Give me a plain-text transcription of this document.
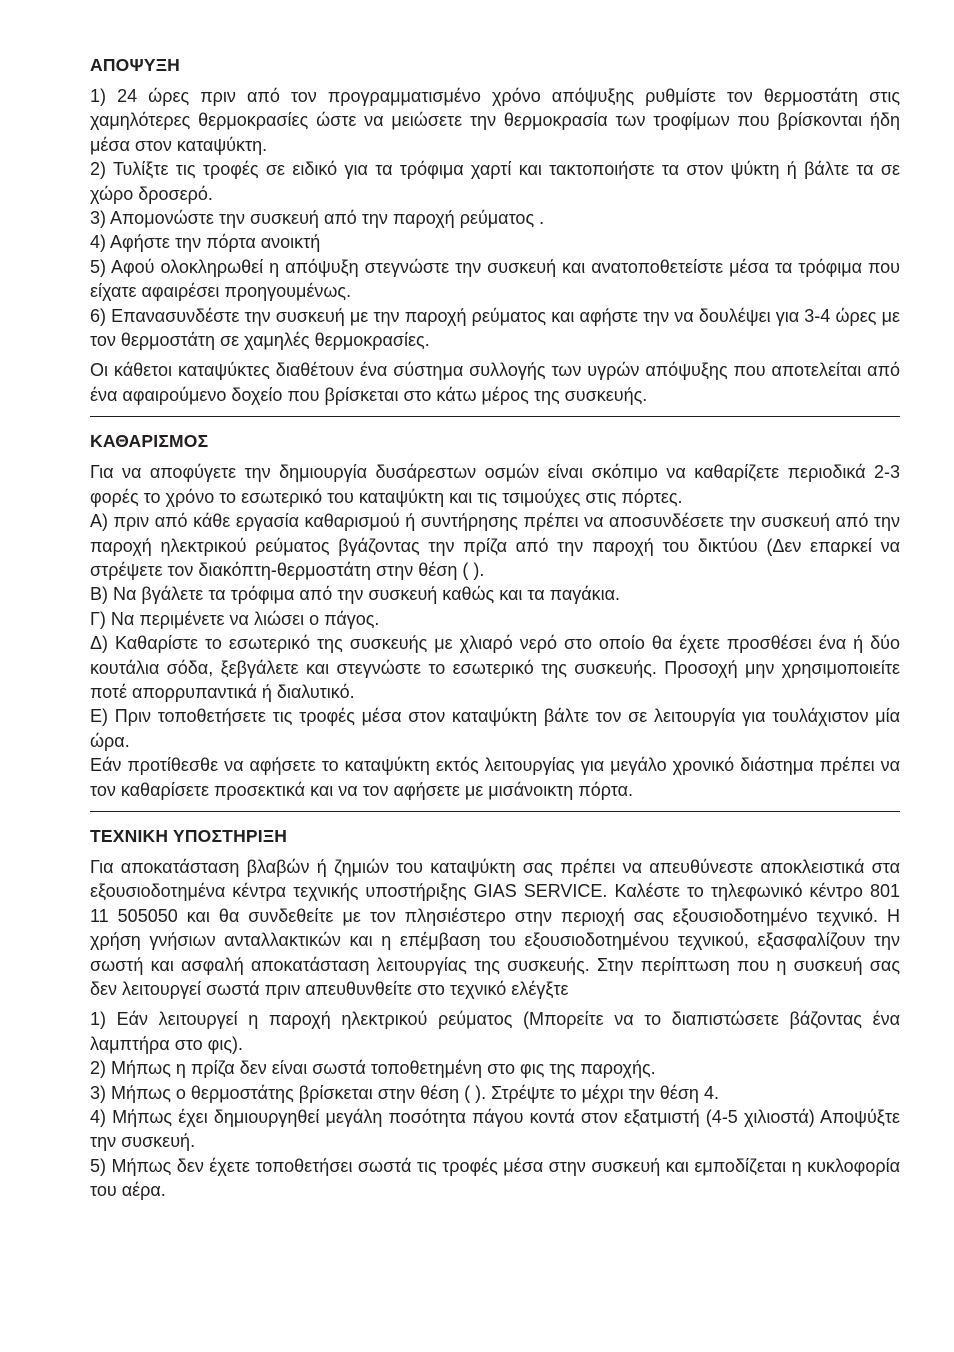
ΑΠΟΨΥΞΗ

1) 24 ώρες πριν από τον προγραμματισμένο χρόνο απόψυξης ρυθμίστε τον θερμοστάτη στις χαμηλότερες θερμοκρασίες ώστε να μειώσετε την θερμοκρασία των τροφίμων που βρίσκονται ήδη μέσα στον καταψύκτη.

2) Τυλίξτε τις τροφές σε ειδικό για τα τρόφιμα χαρτί και τακτοποιήστε τα στον ψύκτη ή βάλτε τα σε χώρο δροσερό.

3) Απομονώστε την συσκευή από την παροχή ρεύματος .

4) Αφήστε την πόρτα ανοικτή

5) Αφού ολοκληρωθεί η απόψυξη στεγνώστε την συσκευή και ανατοποθετείστε μέσα τα τρόφιμα που είχατε αφαιρέσει προηγουμένως.

6) Επανασυνδέστε την συσκευή με την παροχή ρεύματος και αφήστε την να δουλέψει για 3-4 ώρες με τον θερμοστάτη σε χαμηλές θερμοκρασίες.

Οι κάθετοι καταψύκτες διαθέτουν ένα σύστημα συλλογής των υγρών απόψυξης που αποτελείται από ένα αφαιρούμενο δοχείο που βρίσκεται στο κάτω μέρος της συσκευής.

ΚΑΘΑΡΙΣΜΟΣ

Για να αποφύγετε την δημιουργία δυσάρεστων οσμών είναι σκόπιμο να καθαρίζετε περιοδικά 2-3 φορές το χρόνο το εσωτερικό του καταψύκτη και τις τσιμούχες στις πόρτες.

Α) πριν από κάθε εργασία καθαρισμού ή συντήρησης πρέπει να αποσυνδέσετε την συσκευή από την παροχή ηλεκτρικού ρεύματος βγάζοντας την πρίζα από την παροχή του δικτύου (Δεν επαρκεί να στρέψετε τον διακόπτη-θερμοστάτη στην θέση ( ).

Β) Να βγάλετε τα τρόφιμα από την συσκευή καθώς και τα παγάκια.

Γ) Να περιμένετε να λιώσει ο πάγος.

Δ) Καθαρίστε το εσωτερικό της συσκευής με χλιαρό νερό στο οποίο θα έχετε προσθέσει ένα ή δύο κουτάλια σόδα, ξεβγάλετε και στεγνώστε το εσωτερικό της συσκευής. Προσοχή μην χρησιμοποιείτε ποτέ απορρυπαντικά ή διαλυτικό.

Ε) Πριν τοποθετήσετε τις τροφές μέσα στον καταψύκτη βάλτε τον σε λειτουργία για τουλάχιστον μία ώρα.

Εάν προτίθεσθε να αφήσετε το καταψύκτη εκτός λειτουργίας για μεγάλο χρονικό διάστημα πρέπει να τον καθαρίσετε προσεκτικά και να τον αφήσετε με μισάνοικτη πόρτα.

ΤΕΧΝΙΚΗ ΥΠΟΣΤΗΡΙΞΗ

Για αποκατάσταση βλαβών ή ζημιών του καταψύκτη σας πρέπει να απευθύνεστε αποκλειστικά στα εξουσιοδοτημένα κέντρα τεχνικής υποστήριξης GIAS SERVICE. Καλέστε το τηλεφωνικό κέντρο 801 11 505050 και θα συνδεθείτε με τον πλησιέστερο στην περιοχή σας εξουσιοδοτημένο τεχνικό. Η χρήση γνήσιων ανταλλακτικών και η επέμβαση του εξουσιοδοτημένου τεχνικού, εξασφαλίζουν την σωστή και ασφαλή αποκατάσταση λειτουργίας της συσκευής. Στην περίπτωση που η συσκευή σας δεν λειτουργεί σωστά πριν απευθυνθείτε στο τεχνικό ελέγξτε

1) Εάν λειτουργεί η παροχή ηλεκτρικού ρεύματος (Μπορείτε να το διαπιστώσετε βάζοντας ένα λαμπτήρα στο φις).

2) Μήπως η πρίζα δεν είναι σωστά τοποθετημένη στο φις της παροχής.

3) Μήπως ο θερμοστάτης βρίσκεται στην θέση ( ). Στρέψτε το μέχρι την θέση 4.

4) Μήπως έχει δημιουργηθεί μεγάλη ποσότητα πάγου κοντά στον εξατμιστή (4-5 χιλιοστά) Αποψύξτε την συσκευή.

5) Μήπως δεν έχετε τοποθετήσει σωστά τις τροφές μέσα στην συσκευή και εμποδίζεται η κυκλοφορία του αέρα.
